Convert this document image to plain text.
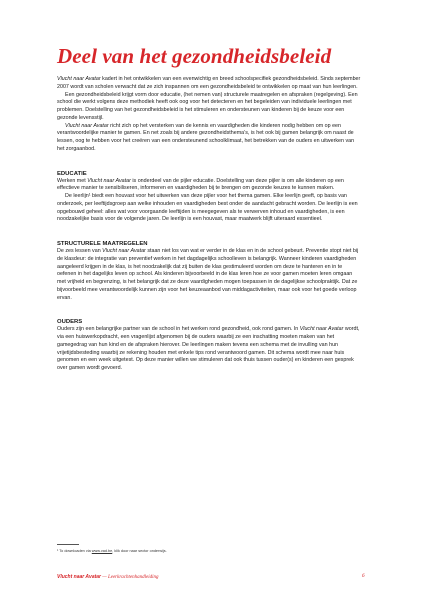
Deel van het gezondheidsbeleid

Vlucht naar Avatar kadert in het ontwikkelen van een evenwichtig en breed schoolspecifiek gezondheidsbeleid. Sinds september 2007 wordt van scholen verwacht dat ze zich inspannen om een gezondheidsbeleid te ontwikkelen op maat van hun leerlingen.

Een gezondheidsbeleid krijgt vorm door educatie, (het nemen van) structurele maatregelen en afspraken (regelgeving). Een school die werkt volgens deze methodiek heeft ook oog voor het detecteren en het begeleiden van individuele leerlingen met problemen. Doelstelling van het gezondheidsbeleid is het stimuleren en ondersteunen van kinderen bij de keuze voor een gezonde levensstijl.

Vlucht naar Avatar richt zich op het versterken van de kennis en vaardigheden die kinderen nodig hebben om op een verantwoordelijke manier te gamen. En net zoals bij andere gezondheidsthema’s, is het ook bij gamen belangrijk om naast de lessen, oog te hebben voor het creëren van een ondersteunend schoolklimaat, het betrekken van de ouders en uitwerken van het zorgaanbod.

EDUCATIE

Werken met Vlucht naar Avatar is onderdeel van de pijler educatie. Doelstelling van deze pijler is om alle kinderen op een effectieve manier te sensibiliseren, informeren en vaardigheden bij te brengen om gezonde keuzes te kunnen maken.

De leerlijn¹ biedt een houvast voor het uitwerken van deze pijler voor het thema gamen. Elke leerlijn geeft, op basis van onderzoek, per leeftijdsgroep aan welke inhouden en vaardigheden best onder de aandacht gebracht worden. De leerlijn is een opgebouwd geheel: alles wat voor voorgaande leeftijden is meegegeven als te verwerven inhoud en vaardigheden, is een noodzakelijke basis voor de volgende jaren. De leerlijn is een houvast, maar maatwerk blijft uiteraard essentieel.

STRUCTURELE MAATREGELEN

De zes lessen van Vlucht naar Avatar staan niet los van wat er verder in de klas en in de school gebeurt. Preventie stopt niet bij de klasdeur: de integratie van preventief werken in het dagdagelijks schoolleven is belangrijk. Wanneer kinderen vaardigheden aangeleerd krijgen in de klas, is het noodzakelijk dat zij buiten de klas gestimuleerd worden om deze te hanteren en in te oefenen in het dagelijks leven op school. Als kinderen bijvoorbeeld in de klas leren hoe ze voor gamen moeten leren omgaan met vrijheid en begrenzing, is het belangrijk dat ze deze vaardigheden mogen toepassen in de dagelijkse schoolpraktijk. Dat ze bijvoorbeeld mee verantwoordelijk kunnen zijn voor het keuzeaanbod van middagactiviteiten, maar ook voor het goede verloop ervan.

OUDERS

Ouders zijn een belangrijke partner van de school in het werken rond gezondheid, ook rond gamen. In Vlucht naar Avatar wordt, via een huiswerkopdracht, een vragenlijst afgenomen bij de ouders waarbij ze een inschatting moeten maken van het gamegedrag van hun kind en de afspraken hierover. De leerlingen maken tevens een schema met de invulling van hun vrijetijdsbesteding waarbij ze rekening houden met enkele tips rond verantwoord gamen. Dit schema wordt mee naar huis genomen en een week uitgetest. Op deze manier willen we stimuleren dat ook thuis tussen ouder(s) en kinderen een gesprek over gamen wordt gevoerd.

¹ To downloaden via www.vad.be, klik door naar sector onderwijs.
Vlucht naar Avatar — Leerkrachtenhandleiding	6
